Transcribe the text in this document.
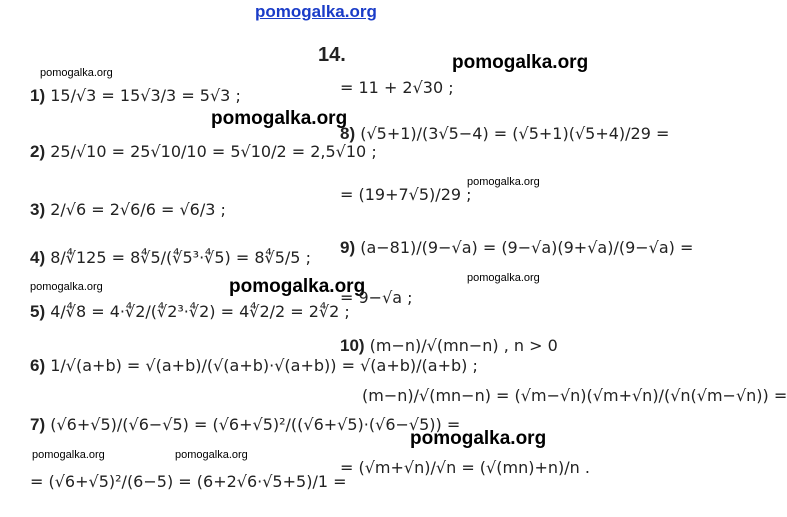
pomogalka.org
pomogalka.org
pomogalka.org
pomogalka.org
pomogalka.org
pomogalka.org
pomogalka.org
pomogalka.org
pomogalka.org	pomogalka.org
pomogalka.org
14.
1) 15/√3 = 15√3/3 = 5√3 ;
2) 25/√10 = 25√10/10 = 5√10/2 = 2,5√10 ;
3) 2/√6 = 2√6/6 = √6/3 ;
4) 8/∜125 = 8∜5/(∜5³·∜5) = 8∜5/5 ;
5) 4/∜8 = 4·∜2/(∜2³·∜2) = 4∜2/2 = 2∜2 ;
6) 1/√(a+b) = √(a+b)/(√(a+b)·√(a+b)) = √(a+b)/(a+b) ;
7) (√6+√5)/(√6−√5) = (√6+√5)²/((√6+√5)·(√6−√5)) =
= (√6+√5)²/(6−5) = (6+2√6·√5+5)/1 =
= 11 + 2√30 ;
8) (√5+1)/(3√5−4) = (√5+1)(√5+4)/29 =
= (19+7√5)/29 ;
9) (a−81)/(9−√a) = (9−√a)(9+√a)/(9−√a) =
= 9−√a ;
10) (m−n)/√(mn−n) , n > 0
(m−n)/√(mn−n) = (√m−√n)(√m+√n)/(√n(√m−√n)) =
= (√m+√n)/√n = (√(mn)+n)/n .
